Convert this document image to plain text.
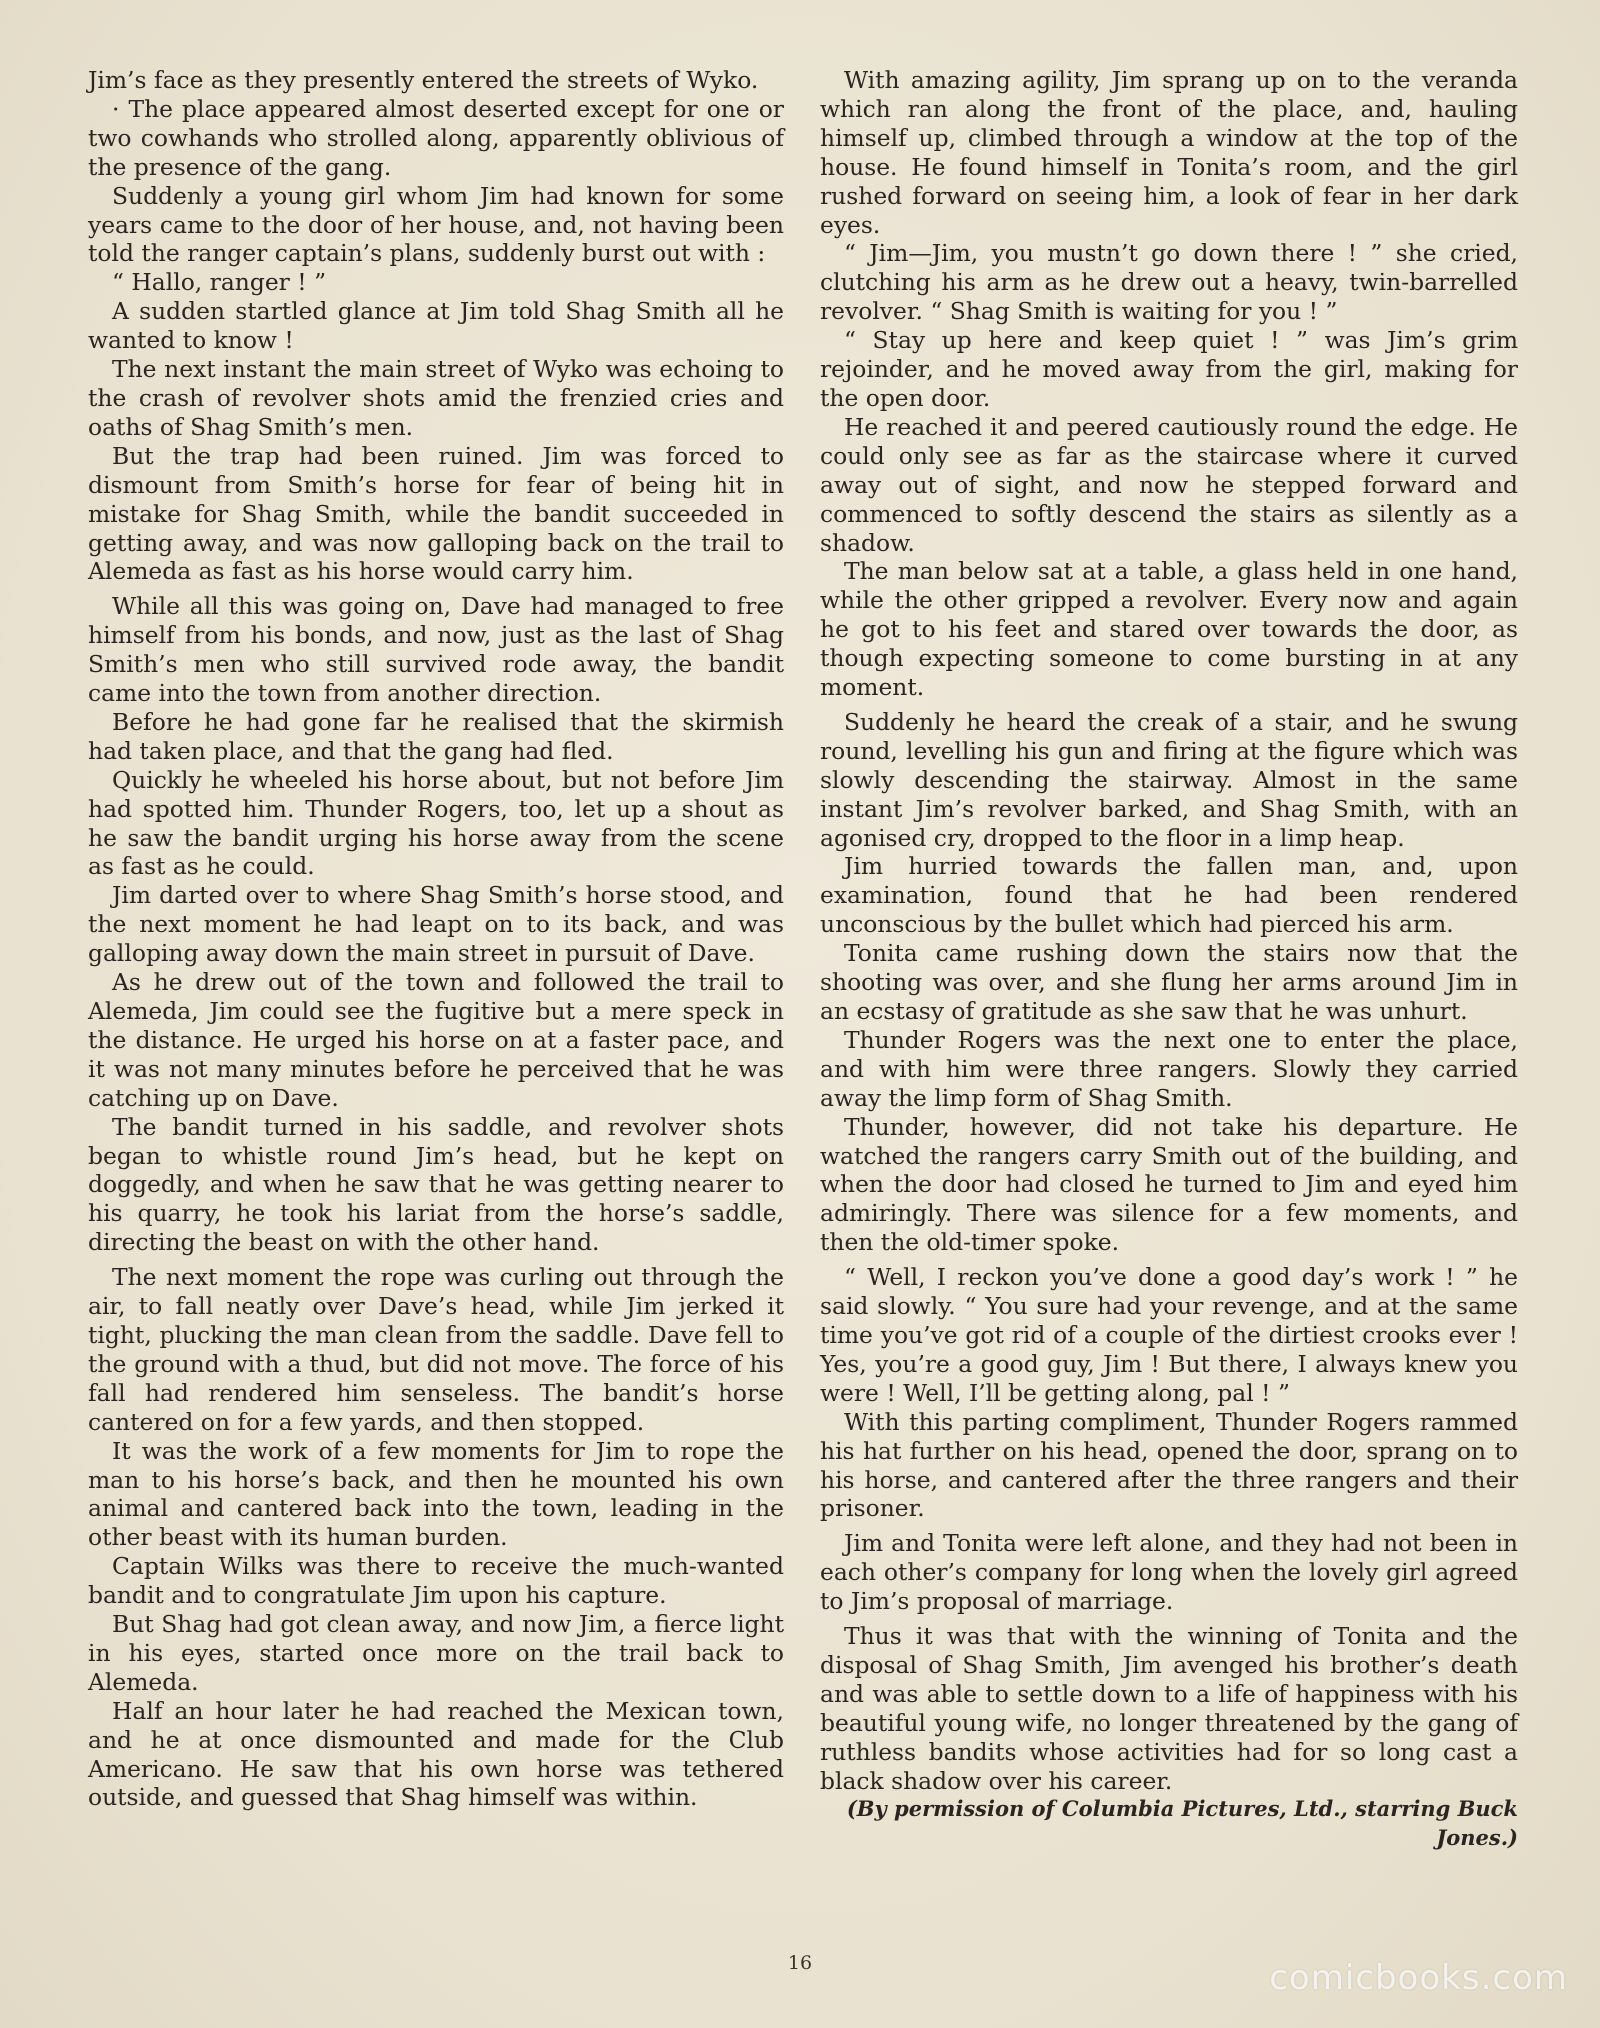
Jim’s face as they presently entered the streets of Wyko.

· The place appeared almost deserted except for one or two cowhands who strolled along, apparently oblivious of the presence of the gang.

Suddenly a young girl whom Jim had known for some years came to the door of her house, and, not having been told the ranger captain’s plans, suddenly burst out with :

“ Hallo, ranger ! ”

A sudden startled glance at Jim told Shag Smith all he wanted to know !

The next instant the main street of Wyko was echoing to the crash of revolver shots amid the frenzied cries and oaths of Shag Smith’s men.

But the trap had been ruined. Jim was forced to dismount from Smith’s horse for fear of being hit in mistake for Shag Smith, while the bandit succeeded in getting away, and was now galloping back on the trail to Alemeda as fast as his horse would carry him.

While all this was going on, Dave had managed to free himself from his bonds, and now, just as the last of Shag Smith’s men who still survived rode away, the bandit came into the town from another direction.

Before he had gone far he realised that the skirmish had taken place, and that the gang had fled.

Quickly he wheeled his horse about, but not before Jim had spotted him. Thunder Rogers, too, let up a shout as he saw the bandit urging his horse away from the scene as fast as he could.

Jim darted over to where Shag Smith’s horse stood, and the next moment he had leapt on to its back, and was galloping away down the main street in pursuit of Dave.

As he drew out of the town and followed the trail to Alemeda, Jim could see the fugitive but a mere speck in the distance. He urged his horse on at a faster pace, and it was not many minutes before he perceived that he was catching up on Dave.

The bandit turned in his saddle, and revolver shots began to whistle round Jim’s head, but he kept on doggedly, and when he saw that he was getting nearer to his quarry, he took his lariat from the horse’s saddle, directing the beast on with the other hand.

The next moment the rope was curling out through the air, to fall neatly over Dave’s head, while Jim jerked it tight, plucking the man clean from the saddle. Dave fell to the ground with a thud, but did not move. The force of his fall had rendered him senseless. The bandit’s horse cantered on for a few yards, and then stopped.

It was the work of a few moments for Jim to rope the man to his horse’s back, and then he mounted his own animal and cantered back into the town, leading in the other beast with its human burden.

Captain Wilks was there to receive the much-wanted bandit and to congratulate Jim upon his capture.

But Shag had got clean away, and now Jim, a fierce light in his eyes, started once more on the trail back to Alemeda.

Half an hour later he had reached the Mexican town, and he at once dismounted and made for the Club Americano. He saw that his own horse was tethered outside, and guessed that Shag himself was within.

With amazing agility, Jim sprang up on to the veranda which ran along the front of the place, and, hauling himself up, climbed through a window at the top of the house. He found himself in Tonita’s room, and the girl rushed forward on seeing him, a look of fear in her dark eyes.

“ Jim—Jim, you mustn’t go down there ! ” she cried, clutching his arm as he drew out a heavy, twin-barrelled revolver. “ Shag Smith is waiting for you ! ”

“ Stay up here and keep quiet ! ” was Jim’s grim rejoinder, and he moved away from the girl, making for the open door.

He reached it and peered cautiously round the edge. He could only see as far as the staircase where it curved away out of sight, and now he stepped forward and commenced to softly descend the stairs as silently as a shadow.

The man below sat at a table, a glass held in one hand, while the other gripped a revolver. Every now and again he got to his feet and stared over towards the door, as though expecting someone to come bursting in at any moment.

Suddenly he heard the creak of a stair, and he swung round, levelling his gun and firing at the figure which was slowly descending the stairway. Almost in the same instant Jim’s revolver barked, and Shag Smith, with an agonised cry, dropped to the floor in a limp heap.

Jim hurried towards the fallen man, and, upon examination, found that he had been rendered unconscious by the bullet which had pierced his arm.

Tonita came rushing down the stairs now that the shooting was over, and she flung her arms around Jim in an ecstasy of gratitude as she saw that he was unhurt.

Thunder Rogers was the next one to enter the place, and with him were three rangers. Slowly they carried away the limp form of Shag Smith.

Thunder, however, did not take his departure. He watched the rangers carry Smith out of the building, and when the door had closed he turned to Jim and eyed him admiringly. There was silence for a few moments, and then the old-timer spoke.

“ Well, I reckon you’ve done a good day’s work ! ” he said slowly. “ You sure had your revenge, and at the same time you’ve got rid of a couple of the dirtiest crooks ever ! Yes, you’re a good guy, Jim ! But there, I always knew you were ! Well, I’ll be getting along, pal ! ”

With this parting compliment, Thunder Rogers rammed his hat further on his head, opened the door, sprang on to his horse, and cantered after the three rangers and their prisoner.

Jim and Tonita were left alone, and they had not been in each other’s company for long when the lovely girl agreed to Jim’s proposal of marriage.

Thus it was that with the winning of Tonita and the disposal of Shag Smith, Jim avenged his brother’s death and was able to settle down to a life of happiness with his beautiful young wife, no longer threatened by the gang of ruthless bandits whose activities had for so long cast a black shadow over his career.

(By permission of Columbia Pictures, Ltd., starring Buck Jones.)

16	comicbooks.com
